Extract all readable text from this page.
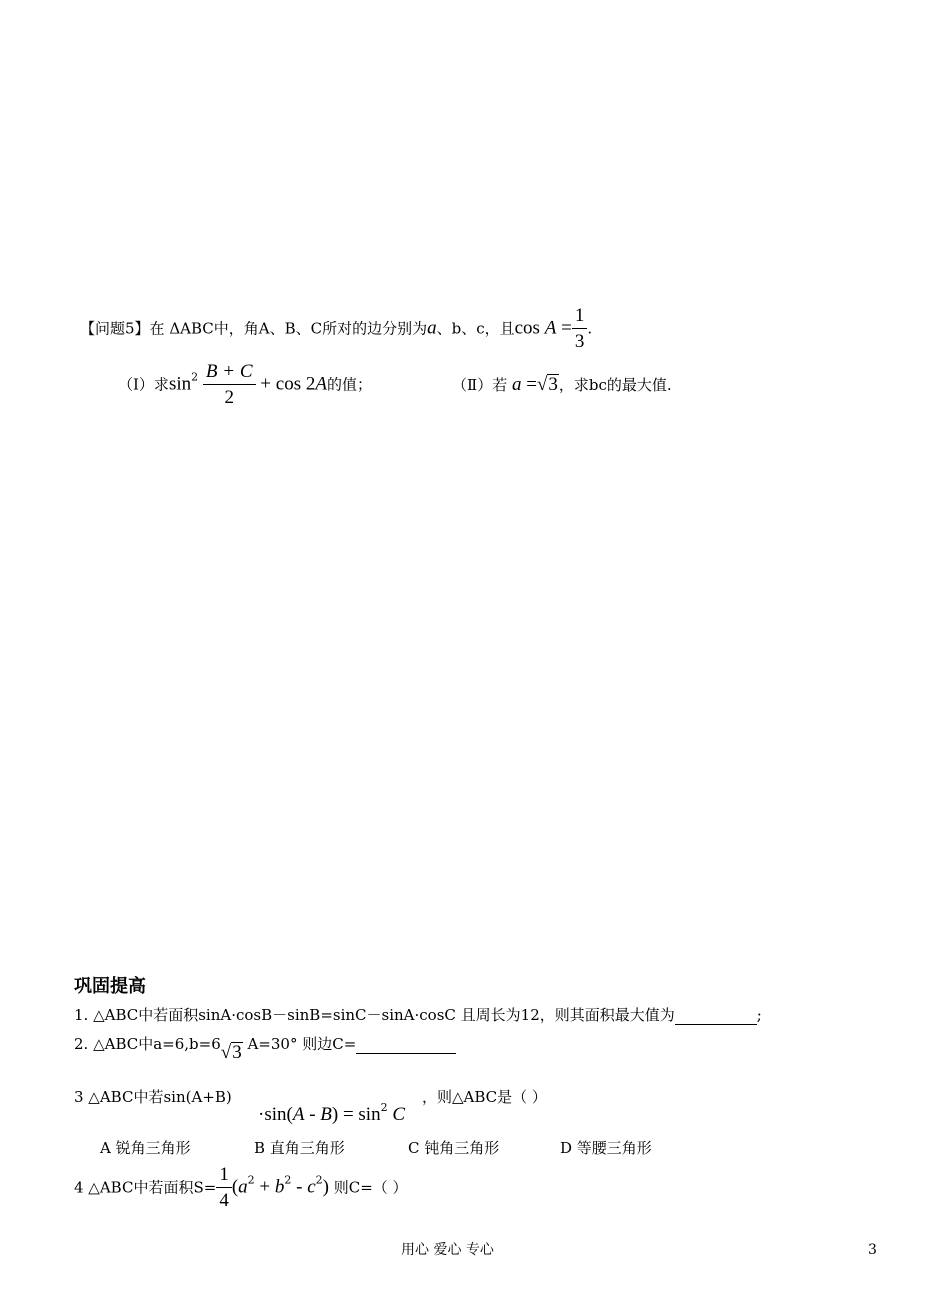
【问题5】在 ΔABC中，角A、B、C所对的边分别为a、b、c，且$\cos A = \frac{1}{3}$ .
（Ⅰ）求$\sin^2 \frac{B + C}{2} + \cos 2A$的值；	（Ⅱ）若 a =√3，求bc的最大值.
巩固提高
1. △ABC中若面积sinA·cosB－sinB=sinC－sinA·cosC 且周长为12，则其面积最大值为	;
2. △ABC中a=6,b=6√3 A=30° 则边C=
3 △ABC中若sin(A+B)
$\cdot\sin(A - B) = \sin^2 C$
，则△ABC是（ ）
A 锐角三角形	B 直角三角形	C 钝角三角形	D 等腰三角形
4 △ABC中若面积$S= \frac{1}{4} (a^2 + b^2 - c^2)$ 则C=（ ）
用心 爱心 专心	3
